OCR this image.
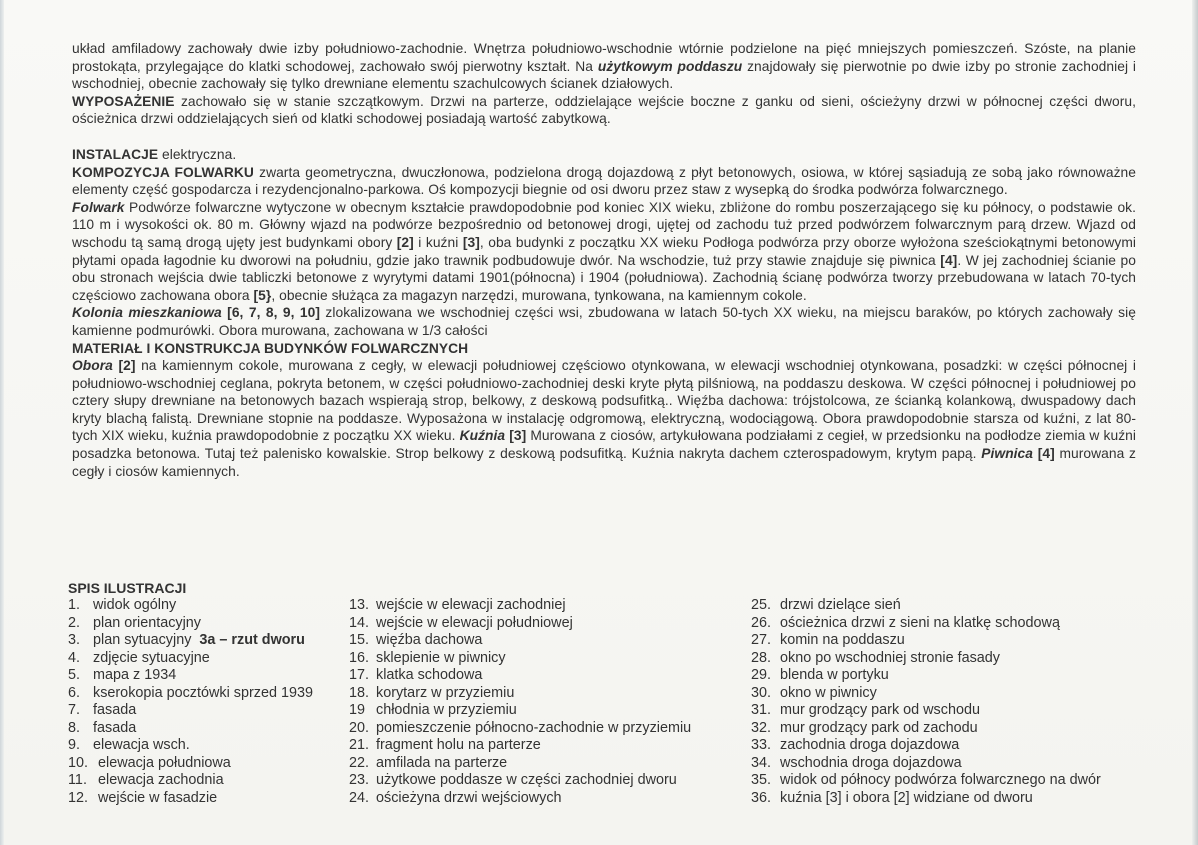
układ amfiladowy zachowały dwie izby południowo-zachodnie. Wnętrza południowo-wschodnie wtórnie podzielone na pięć mniejszych pomieszczeń. Szóste, na planie prostokąta, przylegające do klatki schodowej, zachowało swój pierwotny kształt. Na użytkowym poddaszu znajdowały się pierwotnie po dwie izby po stronie zachodniej i wschodniej, obecnie zachowały się tylko drewniane elementu szachulcowych ścianek działowych.

WYPOSAŻENIE zachowało się w stanie szczątkowym. Drzwi na parterze, oddzielające wejście boczne z ganku od sieni, ościeżyny drzwi w północnej części dworu, ościeżnica drzwi oddzielających sień od klatki schodowej posiadają wartość zabytkową.

INSTALACJE elektryczna.

KOMPOZYCJA FOLWARKU zwarta geometryczna, dwuczłonowa, podzielona drogą dojazdową z płyt betonowych, osiowa, w której sąsiadują ze sobą jako równoważne elementy część gospodarcza i rezydencjonalno-parkowa. Oś kompozycji biegnie od osi dworu przez staw z wysepką do środka podwórza folwarcznego.

Folwark Podwórze folwarczne wytyczone w obecnym kształcie prawdopodobnie pod koniec XIX wieku, zbliżone do rombu poszerzającego się ku północy, o podstawie ok. 110 m i wysokości ok. 80 m. Główny wjazd na podwórze bezpośrednio od betonowej drogi, ujętej od zachodu tuż przed podwórzem folwarcznym parą drzew. Wjazd od wschodu tą samą drogą ujęty jest budynkami obory [2] i kuźni [3], oba budynki z początku XX wieku Podłoga podwórza przy oborze wyłożona sześciokątnymi betonowymi płytami opada łagodnie ku dworowi na południu, gdzie jako trawnik podbudowuje dwór. Na wschodzie, tuż przy stawie znajduje się piwnica [4]. W jej zachodniej ścianie po obu stronach wejścia dwie tabliczki betonowe z wyrytymi datami 1901(północna) i 1904 (południowa). Zachodnią ścianę podwórza tworzy przebudowana w latach 70-tych częściowo zachowana obora [5}, obecnie służąca za magazyn narzędzi, murowana, tynkowana, na kamiennym cokole.

Kolonia mieszkaniowa [6, 7, 8, 9, 10] zlokalizowana we wschodniej części wsi, zbudowana w latach 50-tych XX wieku, na miejscu baraków, po których zachowały się kamienne podmurówki. Obora murowana, zachowana w 1/3 całości

MATERIAŁ I KONSTRUKCJA BUDYNKÓW FOLWARCZNYCH

Obora [2] na kamiennym cokole, murowana z cegły, w elewacji południowej częściowo otynkowana, w elewacji wschodniej otynkowana, posadzki: w części północnej i południowo-wschodniej ceglana, pokryta betonem, w części południowo-zachodniej deski kryte płytą pilśniową, na poddaszu deskowa. W części północnej i południowej po cztery słupy drewniane na betonowych bazach wspierają strop, belkowy, z deskową podsufitką.. Więźba dachowa: trójstolcowa, ze ścianką kolankową, dwuspadowy dach kryty blachą falistą. Drewniane stopnie na poddasze. Wyposażona w instalację odgromową, elektryczną, wodociągową. Obora prawdopodobnie starsza od kuźni, z lat 80-tych XIX wieku, kuźnia prawdopodobnie z początku XX wieku. Kuźnia [3] Murowana z ciosów, artykułowana podziałami z cegieł, w przedsionku na podłodze ziemia w kuźni posadzka betonowa. Tutaj też palenisko kowalskie. Strop belkowy z deskową podsufitką. Kuźnia nakryta dachem czterospadowym, krytym papą. Piwnica [4] murowana z cegły i ciosów kamiennych.

SPIS ILUSTRACJI
1. widok ogólny
2. plan orientacyjny
3. plan sytuacyjny 3a – rzut dworu
4. zdjęcie sytuacyjne
5. mapa z 1934
6. kserokopia pocztówki sprzed 1939
7. fasada
8. fasada
9. elewacja wsch.
10. elewacja południowa
11. elewacja zachodnia
12. wejście w fasadzie
13. wejście w elewacji zachodniej
14. wejście w elewacji południowej
15. więźba dachowa
16. sklepienie w piwnicy
17. klatka schodowa
18. korytarz w przyziemiu
19 chłodnia w przyziemiu
20. pomieszczenie północno-zachodnie w przyziemiu
21. fragment holu na parterze
22. amfilada na parterze
23. użytkowe poddasze w części zachodniej dworu
24. ościeżyna drzwi wejściowych
25. drzwi dzielące sień
26. ościeżnica drzwi z sieni na klatkę schodową
27. komin na poddaszu
28. okno po wschodniej stronie fasady
29. blenda w portyku
30. okno w piwnicy
31. mur grodzący park od wschodu
32. mur grodzący park od zachodu
33. zachodnia droga dojazdowa
34. wschodnia droga dojazdowa
35. widok od północy podwórza folwarcznego na dwór
36. kuźnia [3] i obora [2] widziane od dworu
